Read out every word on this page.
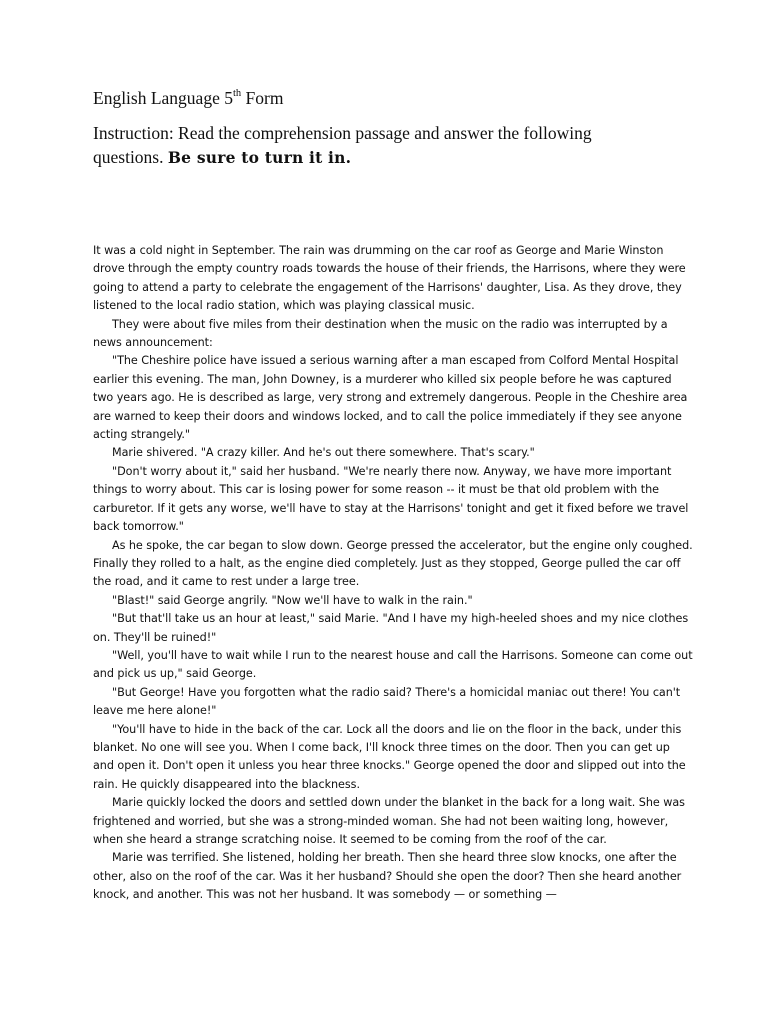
English Language 5th Form
Instruction: Read the comprehension passage and answer the following questions. Be sure to turn it in.

It was a cold night in September. The rain was drumming on the car roof as George and Marie Winston drove through the empty country roads towards the house of their friends, the Harrisons, where they were going to attend a party to celebrate the engagement of the Harrisons' daughter, Lisa. As they drove, they listened to the local radio station, which was playing classical music.

They were about five miles from their destination when the music on the radio was interrupted by a news announcement:

"The Cheshire police have issued a serious warning after a man escaped from Colford Mental Hospital earlier this evening. The man, John Downey, is a murderer who killed six people before he was captured two years ago. He is described as large, very strong and extremely dangerous. People in the Cheshire area are warned to keep their doors and windows locked, and to call the police immediately if they see anyone acting strangely."

Marie shivered. "A crazy killer. And he's out there somewhere. That's scary."

"Don't worry about it," said her husband. "We're nearly there now. Anyway, we have more important things to worry about. This car is losing power for some reason -- it must be that old problem with the carburetor. If it gets any worse, we'll have to stay at the Harrisons' tonight and get it fixed before we travel back tomorrow."

As he spoke, the car began to slow down. George pressed the accelerator, but the engine only coughed. Finally they rolled to a halt, as the engine died completely. Just as they stopped, George pulled the car off the road, and it came to rest under a large tree.

"Blast!" said George angrily. "Now we'll have to walk in the rain."

"But that'll take us an hour at least," said Marie. "And I have my high-heeled shoes and my nice clothes on. They'll be ruined!"

"Well, you'll have to wait while I run to the nearest house and call the Harrisons. Someone can come out and pick us up," said George.

"But George! Have you forgotten what the radio said? There's a homicidal maniac out there! You can't leave me here alone!"

"You'll have to hide in the back of the car. Lock all the doors and lie on the floor in the back, under this blanket. No one will see you. When I come back, I'll knock three times on the door. Then you can get up and open it. Don't open it unless you hear three knocks." George opened the door and slipped out into the rain. He quickly disappeared into the blackness.

Marie quickly locked the doors and settled down under the blanket in the back for a long wait. She was frightened and worried, but she was a strong-minded woman. She had not been waiting long, however, when she heard a strange scratching noise. It seemed to be coming from the roof of the car.

Marie was terrified. She listened, holding her breath. Then she heard three slow knocks, one after the other, also on the roof of the car. Was it her husband? Should she open the door? Then she heard another knock, and another. This was not her husband. It was somebody — or something —
